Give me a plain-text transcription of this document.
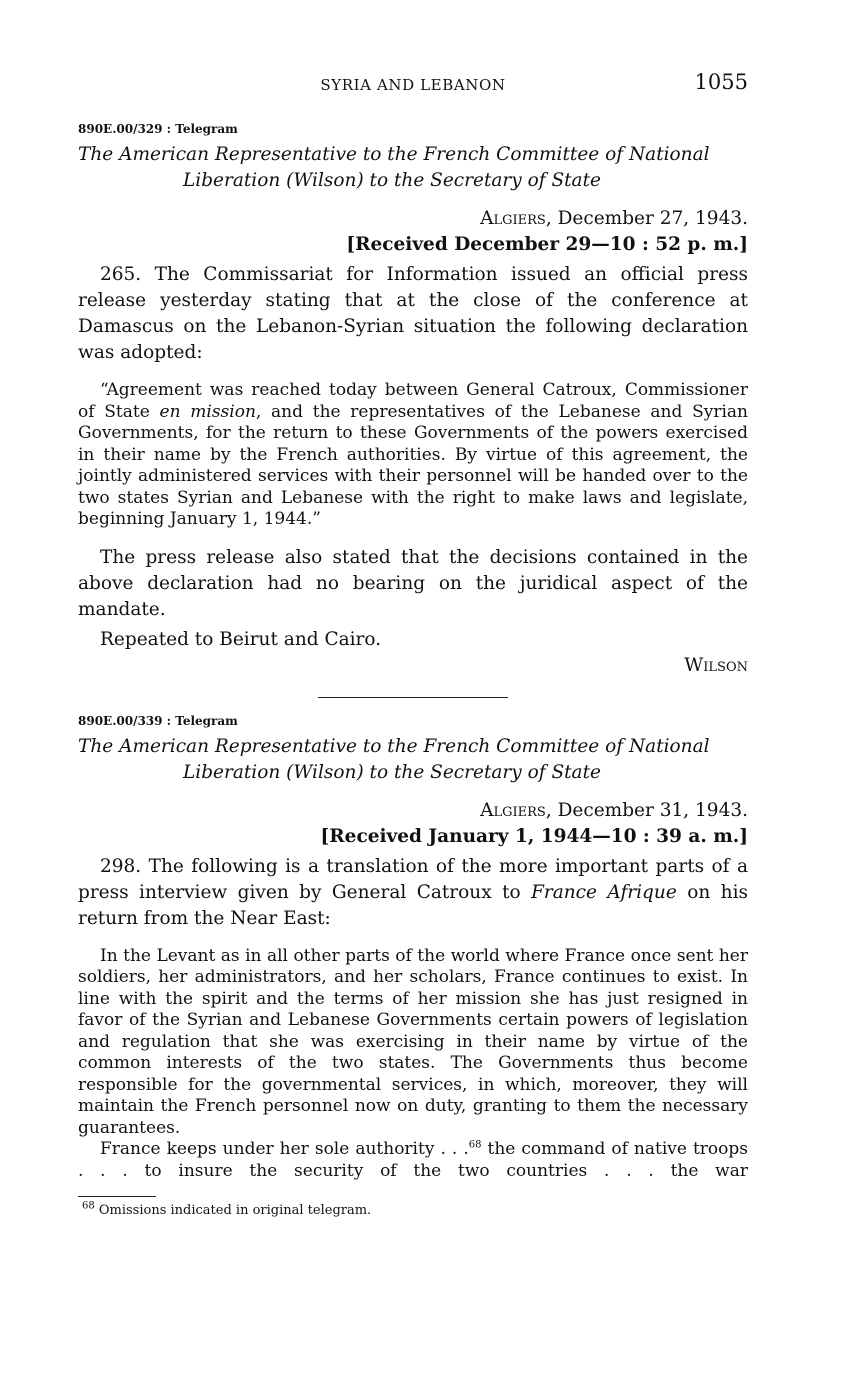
SYRIA AND LEBANON	1055
890E.00/329 : Telegram
The American Representative to the French Committee of National Liberation (Wilson) to the Secretary of State
Algiers, December 27, 1943.
[Received December 29—10 : 52 p. m.]

265. The Commissariat for Information issued an official press release yesterday stating that at the close of the conference at Damascus on the Lebanon-Syrian situation the following declaration was adopted:

“Agreement was reached today between General Catroux, Commissioner of State en mission, and the representatives of the Lebanese and Syrian Governments, for the return to these Governments of the powers exercised in their name by the French authorities. By virtue of this agreement, the jointly administered services with their personnel will be handed over to the two states Syrian and Lebanese with the right to make laws and legislate, beginning January 1, 1944.”

The press release also stated that the decisions contained in the above declaration had no bearing on the juridical aspect of the mandate.

Repeated to Beirut and Cairo.

Wilson
890E.00/339 : Telegram
The American Representative to the French Committee of National Liberation (Wilson) to the Secretary of State
Algiers, December 31, 1943.
[Received January 1, 1944—10 : 39 a. m.]

298. The following is a translation of the more important parts of a press interview given by General Catroux to France Afrique on his return from the Near East:

In the Levant as in all other parts of the world where France once sent her soldiers, her administrators, and her scholars, France continues to exist. In line with the spirit and the terms of her mission she has just resigned in favor of the Syrian and Lebanese Governments certain powers of legislation and regulation that she was exercising in their name by virtue of the common interests of the two states. The Governments thus become responsible for the governmental services, in which, moreover, they will maintain the French personnel now on duty, granting to them the necessary guarantees.

France keeps under her sole authority . . .$^{68}$ the command of native troops . . . to insure the security of the two countries . . . the war

$^{68}$ Omissions indicated in original telegram.
